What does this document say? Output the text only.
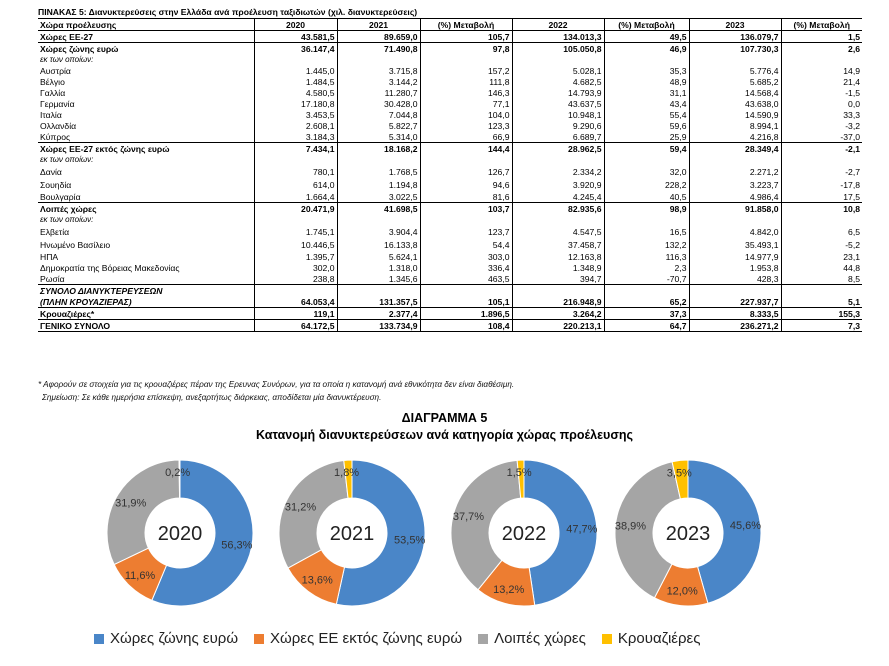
ΠΙΝΑΚΑΣ 5: Διανυκτερεύσεις στην Ελλάδα ανά προέλευση ταξιδιωτών (χιλ. διανυκτερεύσεις)
Χώρα προέλευσης	2020	2021	(%) Μεταβολή	2022	(%) Μεταβολή	2023	(%) Μεταβολή
Χώρες ΕΕ-27	43.581,5	89.659,0	105,7	134.013,3	49,5	136.079,7	1,5
Χώρες ζώνης ευρώ	36.147,4	71.490,8	97,8	105.050,8	46,9	107.730,3	2,6
εκ των οποίων:							
Αυστρία	1.445,0	3.715,8	157,2	5.028,1	35,3	5.776,4	14,9
Βέλγιο	1.484,5	3.144,2	111,8	4.682,5	48,9	5.685,2	21,4
Γαλλία	4.580,5	11.280,7	146,3	14.793,9	31,1	14.568,4	-1,5
Γερμανία	17.180,8	30.428,0	77,1	43.637,5	43,4	43.638,0	0,0
Ιταλία	3.453,5	7.044,8	104,0	10.948,1	55,4	14.590,9	33,3
Ολλανδία	2.608,1	5.822,7	123,3	9.290,6	59,6	8.994,1	-3,2
Κύπρος	3.184,3	5.314,0	66,9	6.689,7	25,9	4.216,8	-37,0
Χώρες ΕΕ-27 εκτός ζώνης ευρώ	7.434,1	18.168,2	144,4	28.962,5	59,4	28.349,4	-2,1
εκ των οποίων:							
Δανία	780,1	1.768,5	126,7	2.334,2	32,0	2.271,2	-2,7
Σουηδία	614,0	1.194,8	94,6	3.920,9	228,2	3.223,7	-17,8
Βουλγαρία	1.664,4	3.022,5	81,6	4.245,4	40,5	4.986,4	17,5
Λοιπές χώρες	20.471,9	41.698,5	103,7	82.935,6	98,9	91.858,0	10,8
εκ των οποίων:							
Ελβετία	1.745,1	3.904,4	123,7	4.547,5	16,5	4.842,0	6,5
Ηνωμένο Βασίλειο	10.446,5	16.133,8	54,4	37.458,7	132,2	35.493,1	-5,2
ΗΠΑ	1.395,7	5.624,1	303,0	12.163,8	116,3	14.977,9	23,1
Δημοκρατία της Βόρειας Μακεδονίας	302,0	1.318,0	336,4	1.348,9	2,3	1.953,8	44,8
Ρωσία	238,8	1.345,6	463,5	394,7	-70,7	428,3	8,5
ΣΥΝΟΛΟ ΔΙΑΝΥΚΤΕΡΕΥΣΕΩΝ							
(ΠΛΗΝ ΚΡΟΥΑΖΙΕΡΑΣ)	64.053,4	131.357,5	105,1	216.948,9	65,2	227.937,7	5,1
Κρουαζιέρες*	119,1	2.377,4	1.896,5	3.264,2	37,3	8.333,5	155,3
ΓΕΝΙΚΟ ΣΥΝΟΛΟ	64.172,5	133.734,9	108,4	220.213,1	64,7	236.271,2	7,3
* Αφορούν σε στοιχεία για τις κρουαζιέρες πέραν της Ερευνας Συνόρων, για τα οποία η κατανομή ανά εθνικότητα δεν είναι διαθέσιμη.
Σημείωση: Σε κάθε ημερήσια επίσκεψη, ανεξαρτήτως διάρκειας, αποδίδεται μία διανυκτέρευση.
ΔΙΑΓΡΑΜΜΑ 5
Κατανομή διανυκτερεύσεων ανά κατηγορία χώρας προέλευσης
56,3%
11,6%
31,9%
0,2%
2020	53,5%
13,6%
31,2%
1,8%
2021	47,7%
13,2%
37,7%
1,5%
2022	45,6%
12,0%
38,9%
3,5%
2023
Χώρες ζώνης ευρώ Χώρες ΕΕ εκτός ζώνης ευρώ Λοιπές χώρες Κρουαζιέρες
